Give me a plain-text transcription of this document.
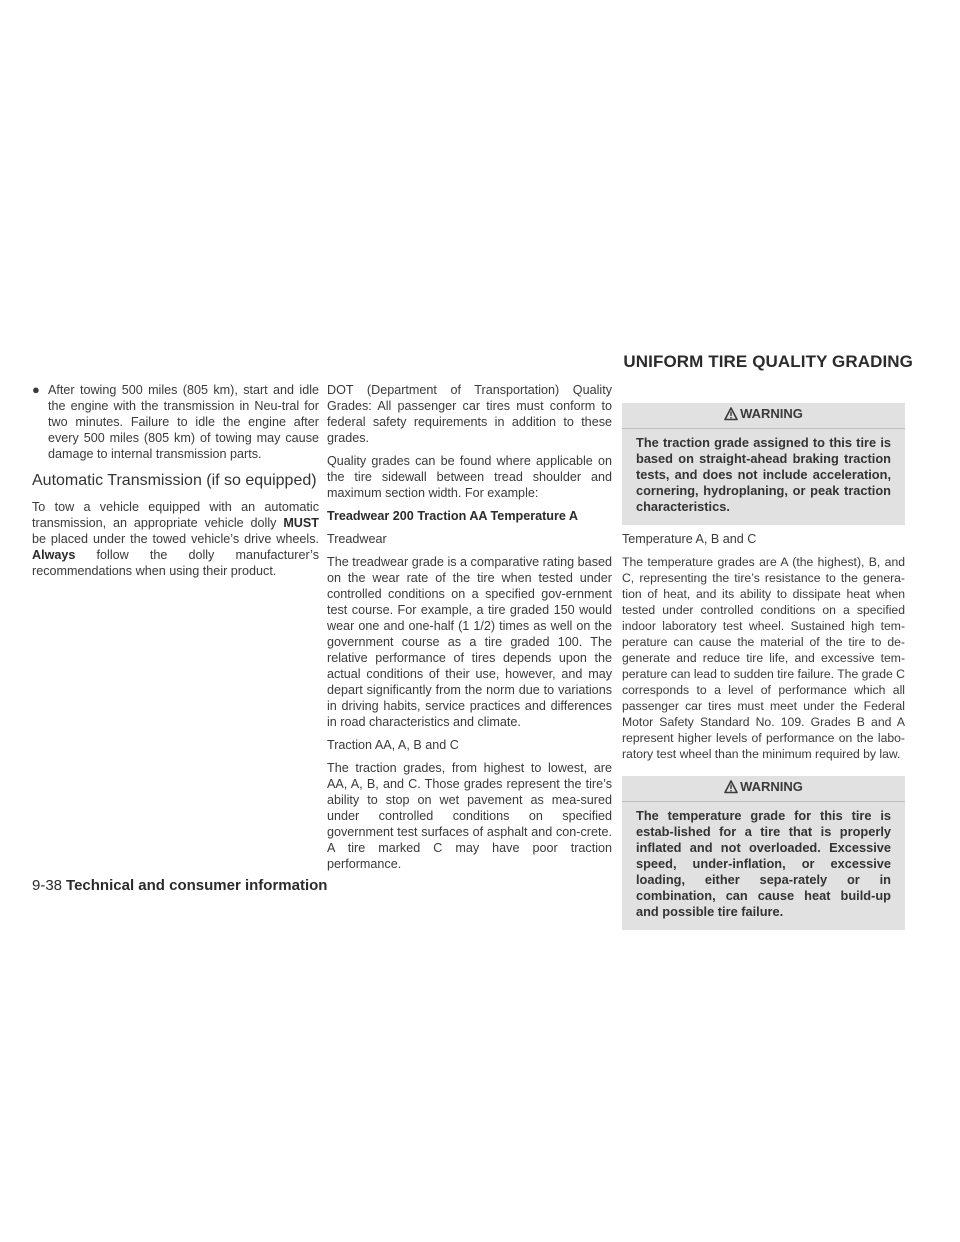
UNIFORM TIRE QUALITY GRADING
● After towing 500 miles (805 km), start and idle the engine with the transmission in Neu-tral for two minutes. Failure to idle the engine after every 500 miles (805 km) of towing may cause damage to internal transmission parts.
Automatic Transmission (if so equipped)

To tow a vehicle equipped with an automatic transmission, an appropriate vehicle dolly MUST be placed under the towed vehicle’s drive wheels. Always follow the dolly manufacturer’s recommendations when using their product.

DOT (Department of Transportation) Quality Grades: All passenger car tires must conform to federal safety requirements in addition to these grades.

Quality grades can be found where applicable on the tire sidewall between tread shoulder and maximum section width. For example:

Treadwear 200 Traction AA Temperature A

Treadwear

The treadwear grade is a comparative rating based on the wear rate of the tire when tested under controlled conditions on a specified gov-ernment test course. For example, a tire graded 150 would wear one and one-half (1 1/2) times as well on the government course as a tire graded 100. The relative performance of tires depends upon the actual conditions of their use, however, and may depart significantly from the norm due to variations in driving habits, service practices and differences in road characteristics and climate.

Traction AA, A, B and C

The traction grades, from highest to lowest, are AA, A, B, and C. Those grades represent the tire’s ability to stop on wet pavement as mea-sured under controlled conditions on specified government test surfaces of asphalt and con-crete. A tire marked C may have poor traction performance.

WARNING
The traction grade assigned to this tire is based on straight-ahead braking traction tests, and does not include acceleration, cornering, hydroplaning, or peak traction characteristics.

Temperature A, B and C

The temperature grades are A (the highest), B, and C, representing the tire’s resistance to the genera-tion of heat, and its ability to dissipate heat when tested under controlled conditions on a specified indoor laboratory test wheel. Sustained high tem-perature can cause the material of the tire to de-generate and reduce tire life, and excessive tem-perature can lead to sudden tire failure. The grade C corresponds to a level of performance which all passenger car tires must meet under the Federal Motor Safety Standard No. 109. Grades B and A represent higher levels of performance on the labo-ratory test wheel than the minimum required by law.

WARNING
The temperature grade for this tire is estab-lished for a tire that is properly inflated and not overloaded. Excessive speed, under-inflation, or excessive loading, either sepa-rately or in combination, can cause heat build-up and possible tire failure.
9-38 Technical and consumer information
